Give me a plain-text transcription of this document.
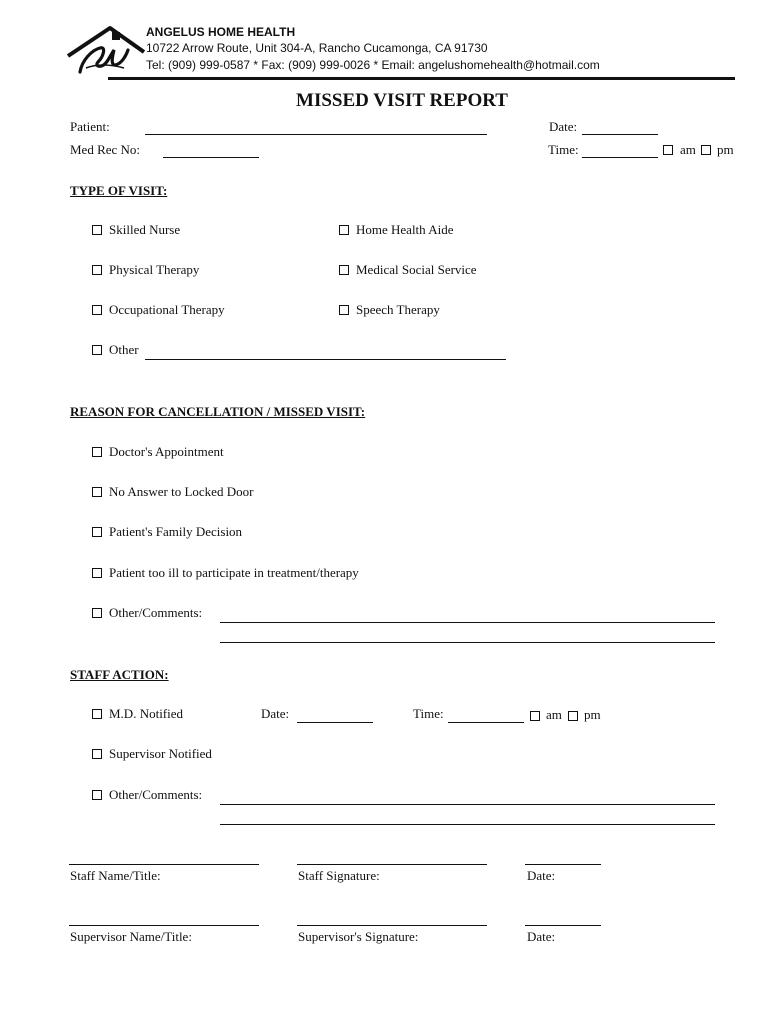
ANGELUS HOME HEALTH
10722 Arrow Route, Unit 304-A, Rancho Cucamonga, CA 91730
Tel: (909) 999-0587 * Fax: (909) 999-0026 * Email: angelushomehealth@hotmail.com
MISSED VISIT REPORT
Patient:
Med Rec No:
Date:
Time:	am pm
TYPE OF VISIT:
Skilled Nurse	Home Health Aide
Physical Therapy	Medical Social Service
Occupational Therapy	Speech Therapy
Other
REASON FOR CANCELLATION / MISSED VISIT:
Doctor's Appointment
No Answer to Locked Door
Patient's Family Decision
Patient too ill to participate in treatment/therapy
Other/Comments:
STAFF ACTION:
M.D. Notified	Date:	Time:	am pm
Supervisor Notified
Other/Comments:
Staff Name/Title:	Staff Signature:	Date:
Supervisor Name/Title:	Supervisor's Signature:	Date:
